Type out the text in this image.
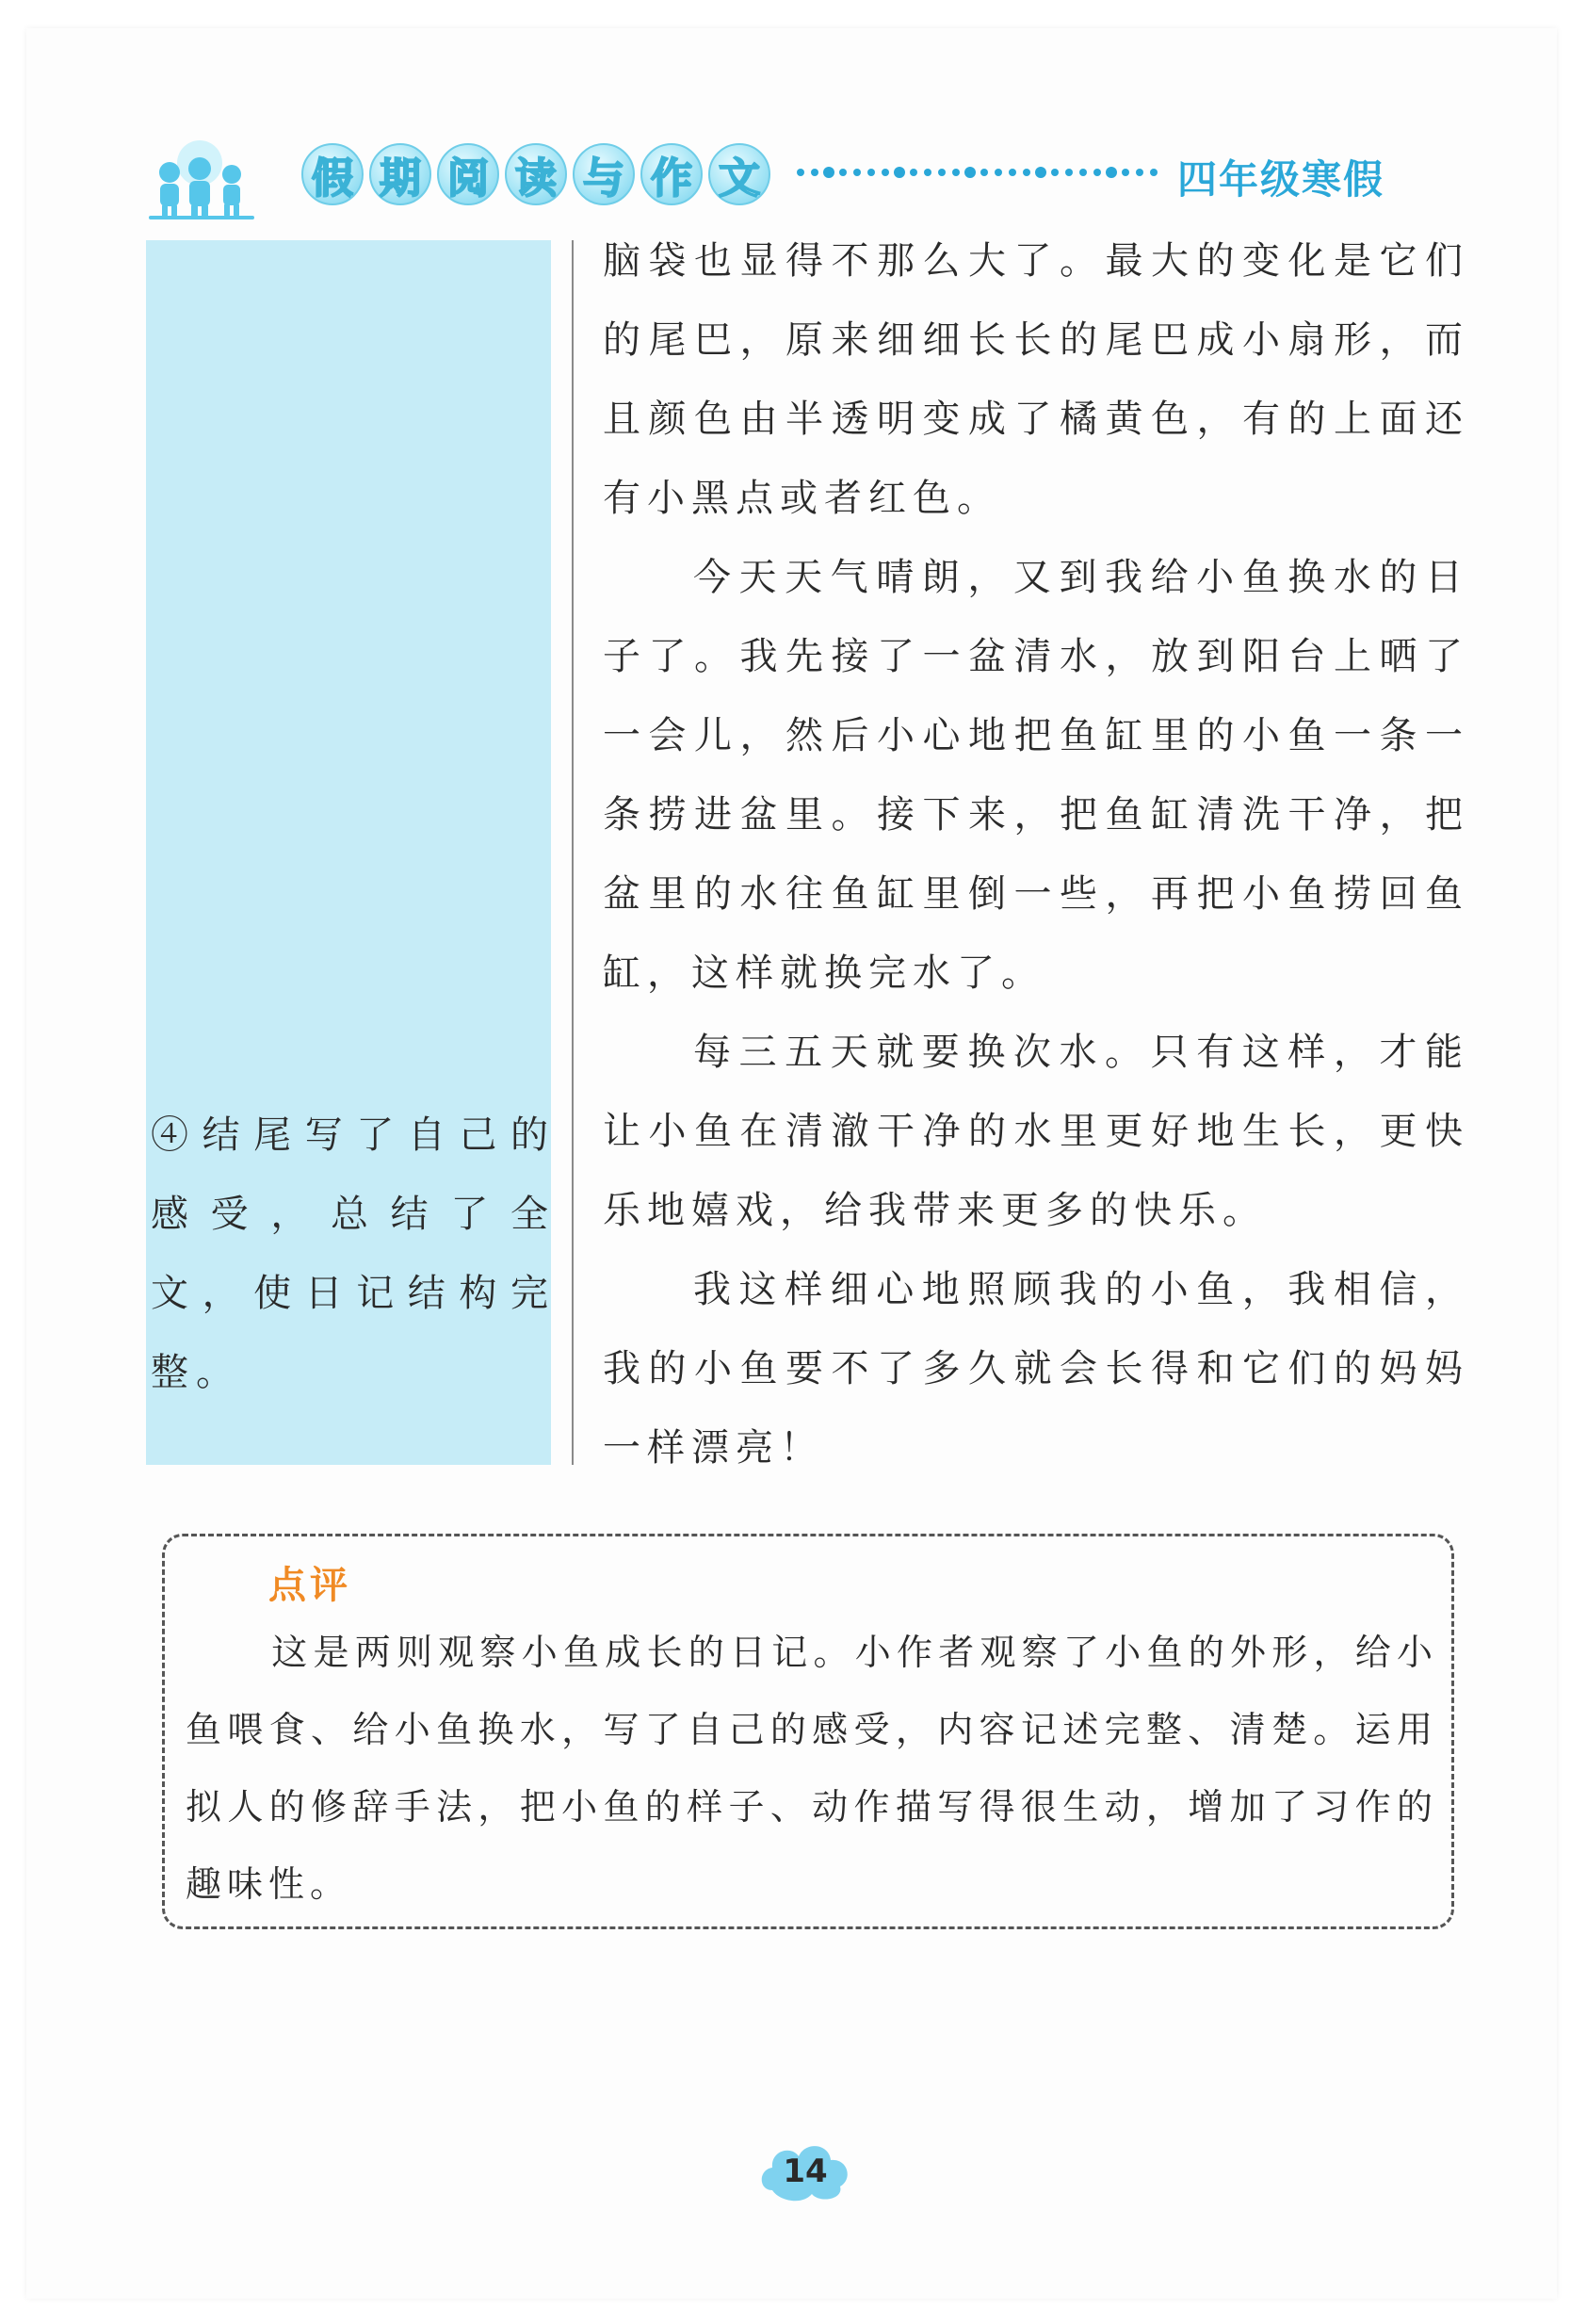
假 期 阅 读 与 作 文	四年级寒假
④结尾写了自己的感受，总结了全文，使日记结构完整。

脑袋也显得不那么大了。最大的变化是它们的尾巴，原来细细长长的尾巴成小扇形，而且颜色由半透明变成了橘黄色，有的上面还有小黑点或者红色。

今天天气晴朗，又到我给小鱼换水的日子了。我先接了一盆清水，放到阳台上晒了一会儿，然后小心地把鱼缸里的小鱼一条一条捞进盆里。接下来，把鱼缸清洗干净，把盆里的水往鱼缸里倒一些，再把小鱼捞回鱼缸，这样就换完水了。

每三五天就要换次水。只有这样，才能让小鱼在清澈干净的水里更好地生长，更快乐地嬉戏，给我带来更多的快乐。

我这样细心地照顾我的小鱼，我相信，我的小鱼要不了多久就会长得和它们的妈妈一样漂亮！

点评

这是两则观察小鱼成长的日记。小作者观察了小鱼的外形，给小鱼喂食、给小鱼换水，写了自己的感受，内容记述完整、清楚。运用拟人的修辞手法，把小鱼的样子、动作描写得很生动，增加了习作的趣味性。

14
